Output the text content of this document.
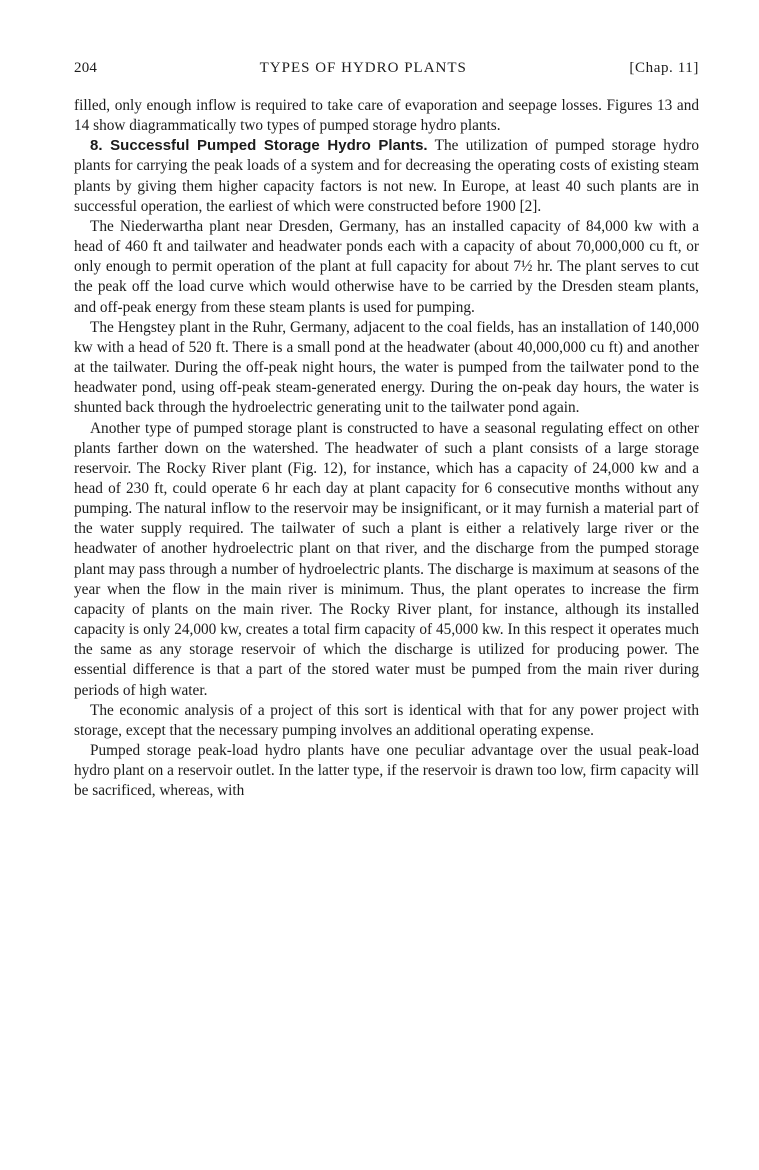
204	TYPES OF HYDRO PLANTS	[Chap. 11]

filled, only enough inflow is required to take care of evaporation and seepage losses. Figures 13 and 14 show diagrammatically two types of pumped storage hydro plants.

8. Successful Pumped Storage Hydro Plants. The utilization of pumped storage hydro plants for carrying the peak loads of a system and for decreasing the operating costs of existing steam plants by giving them higher capacity factors is not new. In Europe, at least 40 such plants are in successful operation, the earliest of which were constructed before 1900 [2].

The Niederwartha plant near Dresden, Germany, has an installed capacity of 84,000 kw with a head of 460 ft and tailwater and headwater ponds each with a capacity of about 70,000,000 cu ft, or only enough to permit operation of the plant at full capacity for about 7½ hr. The plant serves to cut the peak off the load curve which would otherwise have to be carried by the Dresden steam plants, and off-peak energy from these steam plants is used for pumping.

The Hengstey plant in the Ruhr, Germany, adjacent to the coal fields, has an installation of 140,000 kw with a head of 520 ft. There is a small pond at the headwater (about 40,000,000 cu ft) and another at the tailwater. During the off-peak night hours, the water is pumped from the tailwater pond to the headwater pond, using off-peak steam-generated energy. During the on-peak day hours, the water is shunted back through the hydroelectric generating unit to the tailwater pond again.

Another type of pumped storage plant is constructed to have a seasonal regulating effect on other plants farther down on the watershed. The headwater of such a plant consists of a large storage reservoir. The Rocky River plant (Fig. 12), for instance, which has a capacity of 24,000 kw and a head of 230 ft, could operate 6 hr each day at plant capacity for 6 consecutive months without any pumping. The natural inflow to the reservoir may be insignificant, or it may furnish a material part of the water supply required. The tailwater of such a plant is either a relatively large river or the headwater of another hydroelectric plant on that river, and the discharge from the pumped storage plant may pass through a number of hydroelectric plants. The discharge is maximum at seasons of the year when the flow in the main river is minimum. Thus, the plant operates to increase the firm capacity of plants on the main river. The Rocky River plant, for instance, although its installed capacity is only 24,000 kw, creates a total firm capacity of 45,000 kw. In this respect it operates much the same as any storage reservoir of which the discharge is utilized for producing power. The essential difference is that a part of the stored water must be pumped from the main river during periods of high water.

The economic analysis of a project of this sort is identical with that for any power project with storage, except that the necessary pumping involves an additional operating expense.

Pumped storage peak-load hydro plants have one peculiar advantage over the usual peak-load hydro plant on a reservoir outlet. In the latter type, if the reservoir is drawn too low, firm capacity will be sacrificed, whereas, with
